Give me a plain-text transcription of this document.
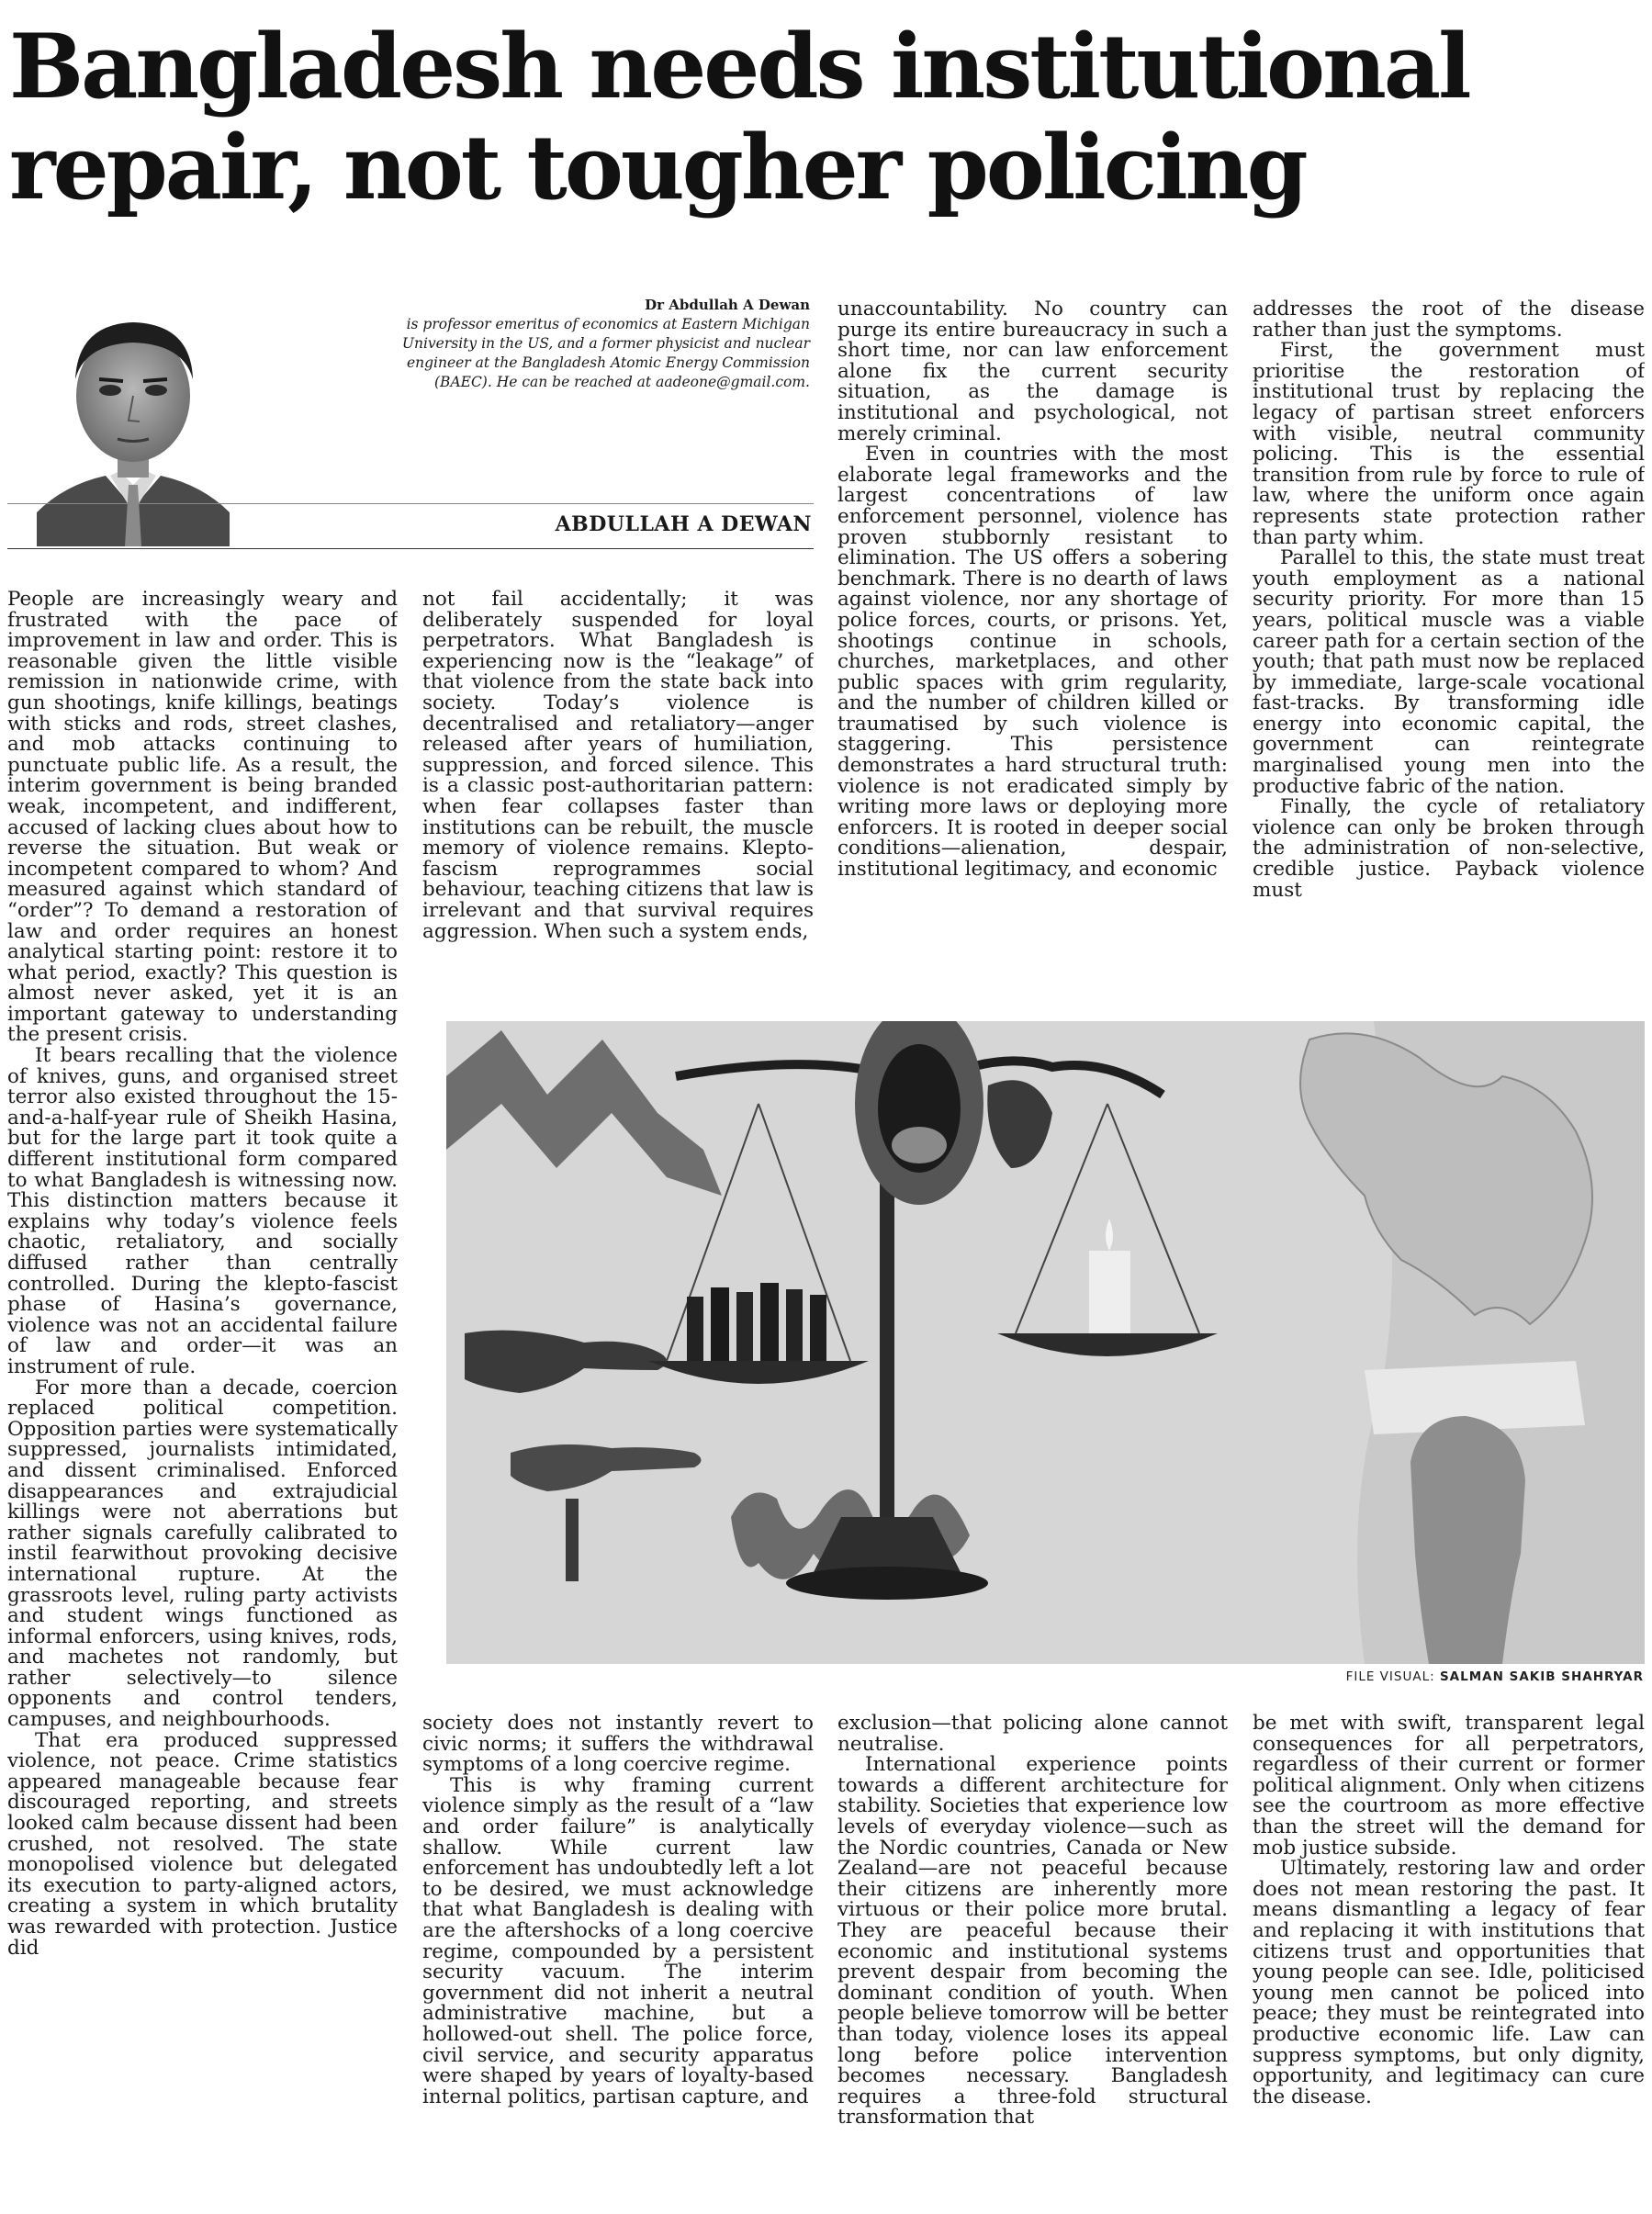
Bangladesh needs institutional repair, not tougher policing
Dr Abdullah A Dewan
is professor emeritus of economics at Eastern Michigan University in the US, and a former physicist and nuclear engineer at the Bangladesh Atomic Energy Commission (BAEC). He can be reached at aadeone@gmail.com.
ABDULLAH A DEWAN

People are increasingly weary and frustrated with the pace of improvement in law and order. This is reasonable given the little visible remission in nationwide crime, with gun shootings, knife killings, beatings with sticks and rods, street clashes, and mob attacks continuing to punctuate public life. As a result, the interim government is being branded weak, incompetent, and indifferent, accused of lacking clues about how to reverse the situation. But weak or incompetent compared to whom? And measured against which standard of “order”? To demand a restoration of law and order requires an honest analytical starting point: restore it to what period, exactly? This question is almost never asked, yet it is an important gateway to understanding the present crisis.

It bears recalling that the violence of knives, guns, and organised street terror also existed throughout the 15-and-a-half-year rule of Sheikh Hasina, but for the large part it took quite a different institutional form compared to what Bangladesh is witnessing now. This distinction matters because it explains why today’s violence feels chaotic, retaliatory, and socially diffused rather than centrally controlled. During the klepto-fascist phase of Hasina’s governance, violence was not an accidental failure of law and order—it was an instrument of rule.

For more than a decade, coercion replaced political competition. Opposition parties were systematically suppressed, journalists intimidated, and dissent criminalised. Enforced disappearances and extrajudicial killings were not aberrations but rather signals carefully calibrated to instil fearwithout provoking decisive international rupture. At the grassroots level, ruling party activists and student wings functioned as informal enforcers, using knives, rods, and machetes not randomly, but rather selectively—to silence opponents and control tenders, campuses, and neighbourhoods.

That era produced suppressed violence, not peace. Crime statistics appeared manageable because fear discouraged reporting, and streets looked calm because dissent had been crushed, not resolved. The state monopolised violence but delegated its execution to party-aligned actors, creating a system in which brutality was rewarded with protection. Justice did

not fail accidentally; it was deliberately suspended for loyal perpetrators. What Bangladesh is experiencing now is the “leakage” of that violence from the state back into society. Today’s violence is decentralised and retaliatory—anger released after years of humiliation, suppression, and forced silence. This is a classic post-authoritarian pattern: when fear collapses faster than institutions can be rebuilt, the muscle memory of violence remains. Klepto-fascism reprogrammes social behaviour, teaching citizens that law is irrelevant and that survival requires aggression. When such a system ends,

unaccountability. No country can purge its entire bureaucracy in such a short time, nor can law enforcement alone fix the current security situation, as the damage is institutional and psychological, not merely criminal.

Even in countries with the most elaborate legal frameworks and the largest concentrations of law enforcement personnel, violence has proven stubbornly resistant to elimination. The US offers a sobering benchmark. There is no dearth of laws against violence, nor any shortage of police forces, courts, or prisons. Yet, shootings continue in schools, churches, marketplaces, and other public spaces with grim regularity, and the number of children killed or traumatised by such violence is staggering. This persistence demonstrates a hard structural truth: violence is not eradicated simply by writing more laws or deploying more enforcers. It is rooted in deeper social conditions—alienation, despair, institutional legitimacy, and economic

addresses the root of the disease rather than just the symptoms.

First, the government must prioritise the restoration of institutional trust by replacing the legacy of partisan street enforcers with visible, neutral community policing. This is the essential transition from rule by force to rule of law, where the uniform once again represents state protection rather than party whim.

Parallel to this, the state must treat youth employment as a national security priority. For more than 15 years, political muscle was a viable career path for a certain section of the youth; that path must now be replaced by immediate, large-scale vocational fast-tracks. By transforming idle energy into economic capital, the government can reintegrate marginalised young men into the productive fabric of the nation.

Finally, the cycle of retaliatory violence can only be broken through the administration of non-selective, credible justice. Payback violence must

FILE VISUAL: SALMAN SAKIB SHAHRYAR

society does not instantly revert to civic norms; it suffers the withdrawal symptoms of a long coercive regime.

This is why framing current violence simply as the result of a “law and order failure” is analytically shallow. While current law enforcement has undoubtedly left a lot to be desired, we must acknowledge that what Bangladesh is dealing with are the aftershocks of a long coercive regime, compounded by a persistent security vacuum. The interim government did not inherit a neutral administrative machine, but a hollowed-out shell. The police force, civil service, and security apparatus were shaped by years of loyalty-based internal politics, partisan capture, and

exclusion—that policing alone cannot neutralise.

International experience points towards a different architecture for stability. Societies that experience low levels of everyday violence—such as the Nordic countries, Canada or New Zealand—are not peaceful because their citizens are inherently more virtuous or their police more brutal. They are peaceful because their economic and institutional systems prevent despair from becoming the dominant condition of youth. When people believe tomorrow will be better than today, violence loses its appeal long before police intervention becomes necessary. Bangladesh requires a three-fold structural transformation that

be met with swift, transparent legal consequences for all perpetrators, regardless of their current or former political alignment. Only when citizens see the courtroom as more effective than the street will the demand for mob justice subside.

Ultimately, restoring law and order does not mean restoring the past. It means dismantling a legacy of fear and replacing it with institutions that citizens trust and opportunities that young people can see. Idle, politicised young men cannot be policed into peace; they must be reintegrated into productive economic life. Law can suppress symptoms, but only dignity, opportunity, and legitimacy can cure the disease.
